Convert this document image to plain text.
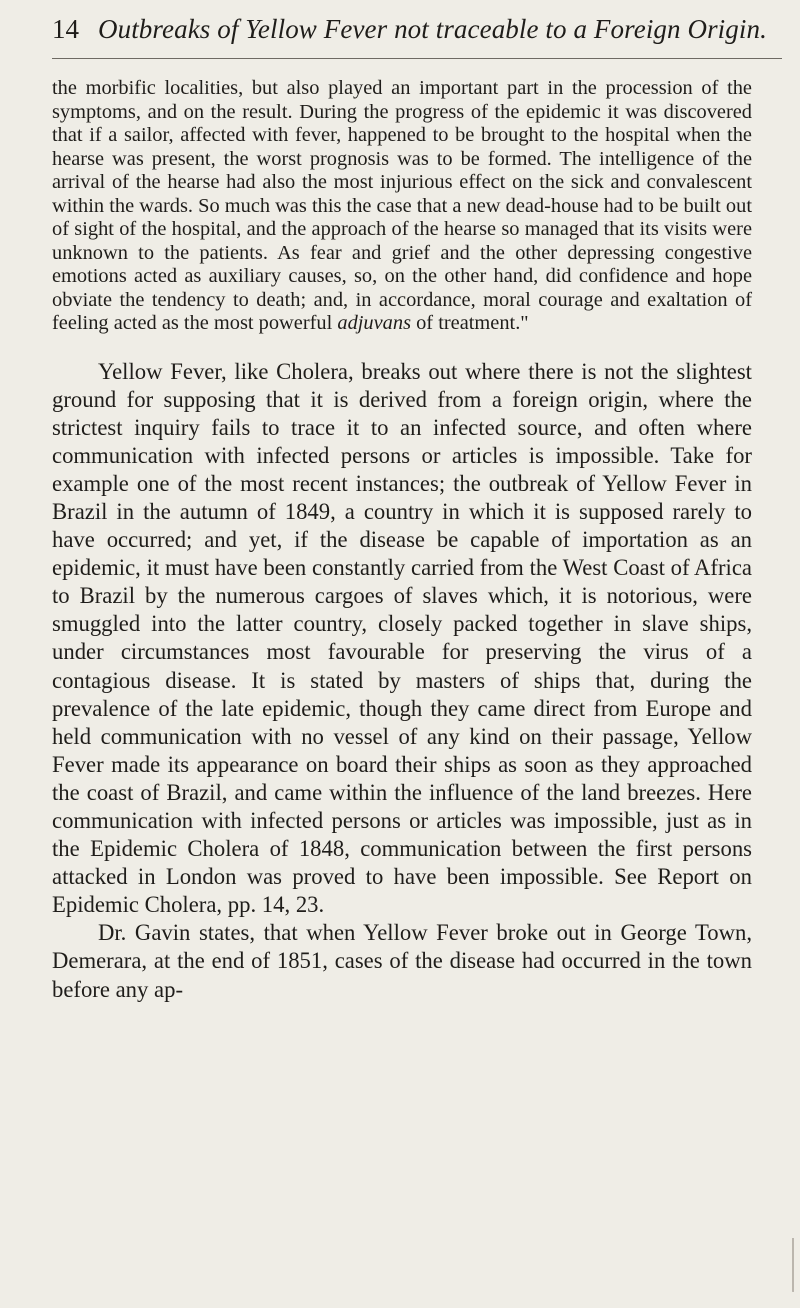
14 Outbreaks of Yellow Fever not traceable to a Foreign Origin.
the morbific localities, but also played an important part in the procession of the symptoms, and on the result. During the progress of the epidemic it was discovered that if a sailor, affected with fever, happened to be brought to the hospital when the hearse was present, the worst prognosis was to be formed. The intelligence of the arrival of the hearse had also the most injurious effect on the sick and convalescent within the wards. So much was this the case that a new dead-house had to be built out of sight of the hospital, and the approach of the hearse so managed that its visits were unknown to the patients. As fear and grief and the other depressing congestive emotions acted as auxiliary causes, so, on the other hand, did confidence and hope obviate the tendency to death; and, in accordance, moral courage and exaltation of feeling acted as the most powerful adjuvans of treatment."

Yellow Fever, like Cholera, breaks out where there is not the slightest ground for supposing that it is derived from a foreign origin, where the strictest inquiry fails to trace it to an infected source, and often where communication with infected persons or articles is impossible. Take for example one of the most recent instances; the outbreak of Yellow Fever in Brazil in the autumn of 1849, a country in which it is supposed rarely to have occurred; and yet, if the disease be capable of importation as an epidemic, it must have been constantly carried from the West Coast of Africa to Brazil by the numerous cargoes of slaves which, it is notorious, were smuggled into the latter country, closely packed together in slave ships, under circumstances most favourable for preserving the virus of a contagious disease. It is stated by masters of ships that, during the prevalence of the late epidemic, though they came direct from Europe and held communication with no vessel of any kind on their passage, Yellow Fever made its appearance on board their ships as soon as they approached the coast of Brazil, and came within the influence of the land breezes. Here communication with infected persons or articles was impossible, just as in the Epidemic Cholera of 1848, communication between the first persons attacked in London was proved to have been impossible. See Report on Epidemic Cholera, pp. 14, 23.

Dr. Gavin states, that when Yellow Fever broke out in George Town, Demerara, at the end of 1851, cases of the disease had occurred in the town before any ap-
